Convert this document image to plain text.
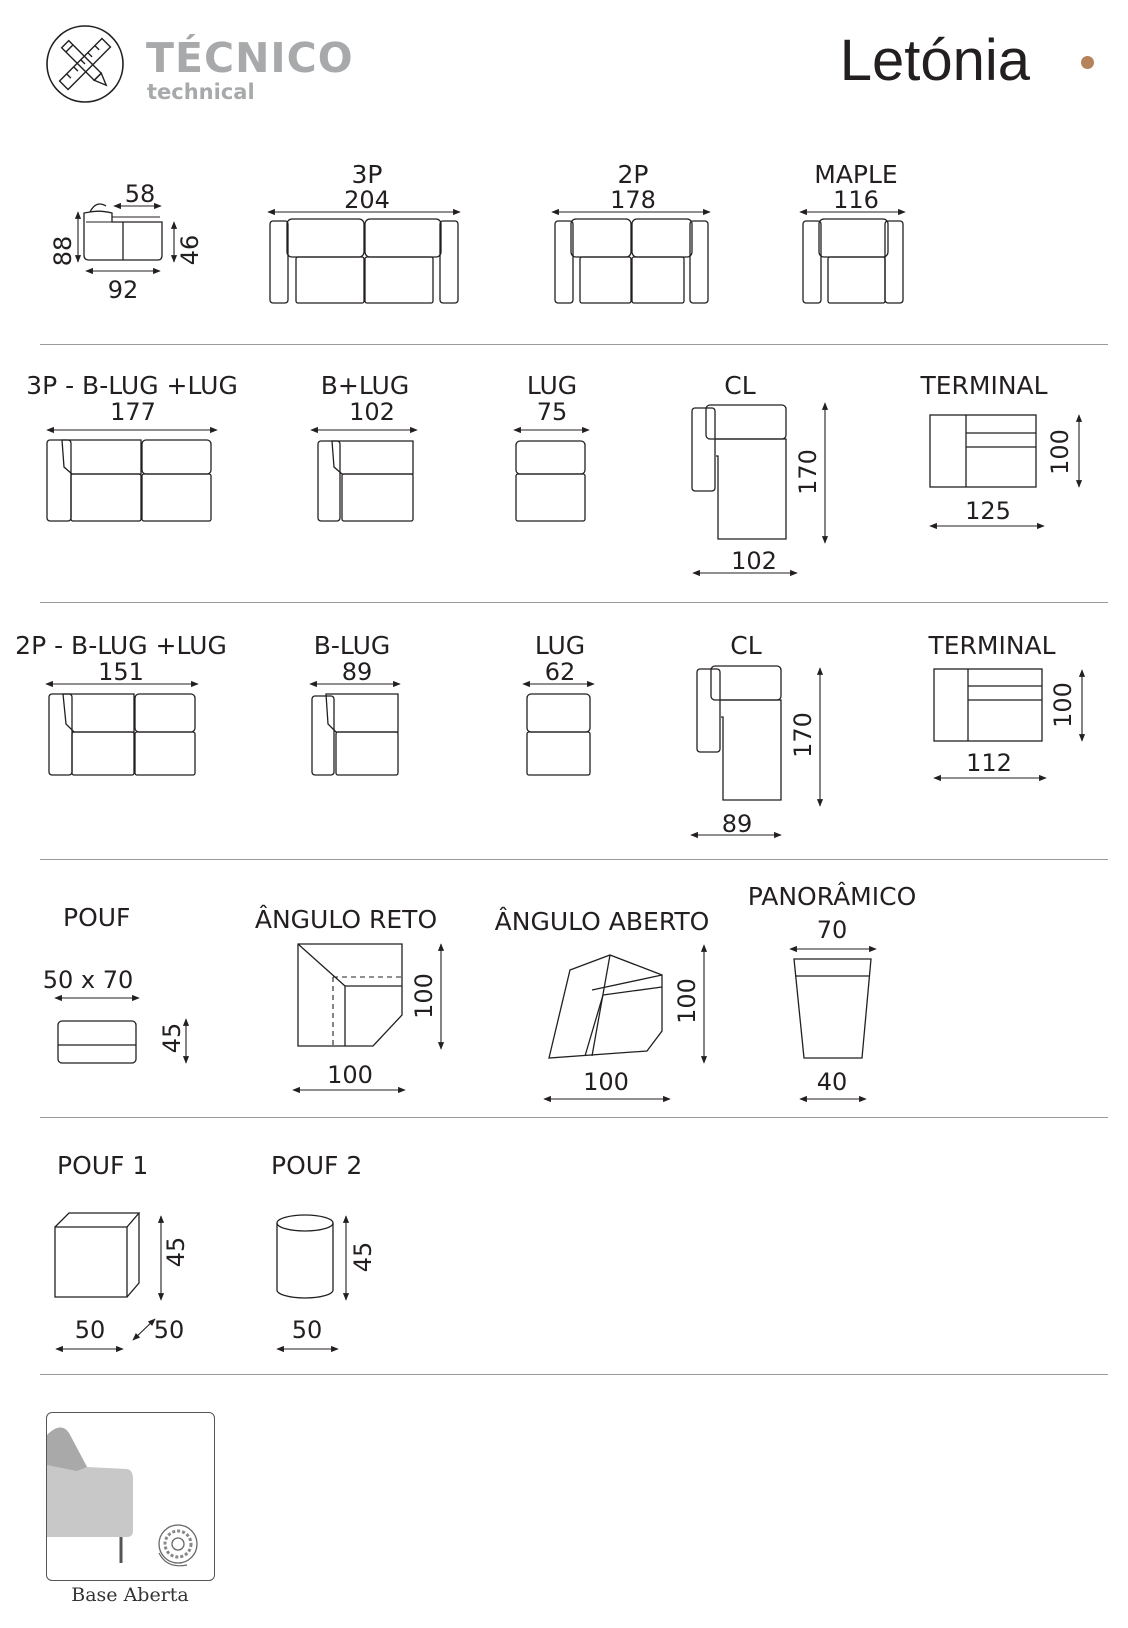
TÉCNICO
technical	Letónia
58
88	46
92
3P
204
2P
178
MAPLE
116
3P - B-LUG +LUG
177
B+LUG
102
LUG
75
CL
170
102
TERMINAL
100
125
2P - B-LUG +LUG
151
B-LUG
89
LUG
62
CL
170
89
TERMINAL
100
112
POUF
50 x 70
45
ÂNGULO RETO
100
100
ÂNGULO ABERTO
100
100
PANORÂMICO
70
40
POUF 1
45
50 50
POUF 2
45
50
Base Aberta
